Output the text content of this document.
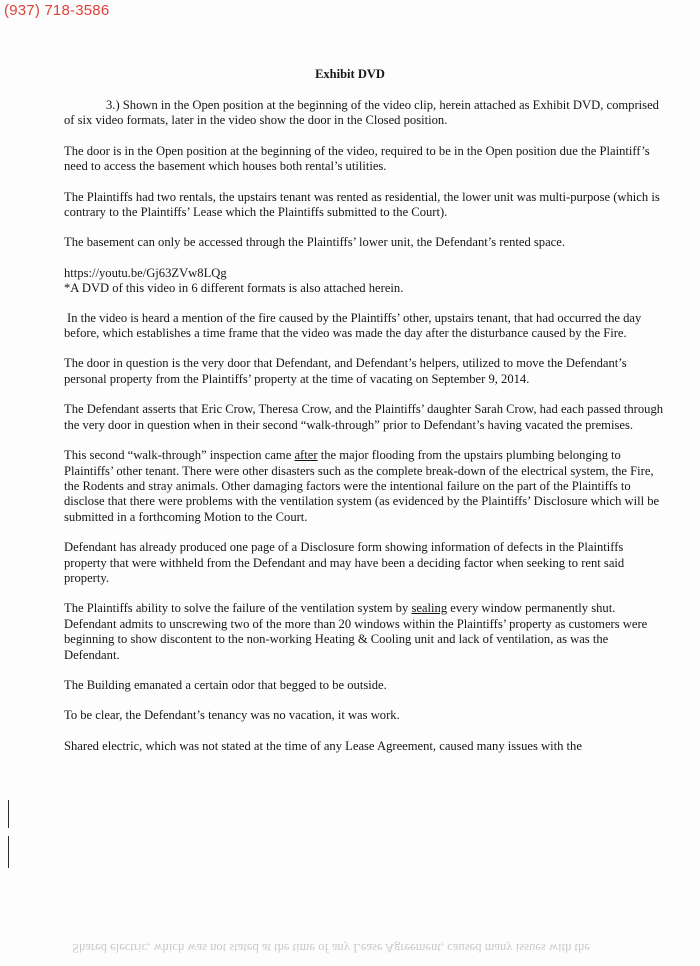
(937) 718-3586
Exhibit DVD

3.) Shown in the Open position at the beginning of the video clip, herein attached as Exhibit DVD, comprised of six video formats, later in the video show the door in the Closed position.

The door is in the Open position at the beginning of the video, required to be in the Open position due the Plaintiff’s need to access the basement which houses both rental’s utilities.

The Plaintiffs had two rentals, the upstairs tenant was rented as residential, the lower unit was multi-purpose (which is contrary to the Plaintiffs’ Lease which the Plaintiffs submitted to the Court).

The basement can only be accessed through the Plaintiffs’ lower unit, the Defendant’s rented space.

https://youtu.be/Gj63ZVw8LQg
*A DVD of this video in 6 different formats is also attached herein.

In the video is heard a mention of the fire caused by the Plaintiffs’ other, upstairs tenant, that had occurred the day before, which establishes a time frame that the video was made the day after the disturbance caused by the Fire.

The door in question is the very door that Defendant, and Defendant’s helpers, utilized to move the Defendant’s personal property from the Plaintiffs’ property at the time of vacating on September 9, 2014.

The Defendant asserts that Eric Crow, Theresa Crow, and the Plaintiffs’ daughter Sarah Crow, had each passed through the very door in question when in their second “walk-through” prior to Defendant’s having vacated the premises.

This second “walk-through” inspection came after the major flooding from the upstairs plumbing belonging to Plaintiffs’ other tenant. There were other disasters such as the complete break-down of the electrical system, the Fire, the Rodents and stray animals. Other damaging factors were the intentional failure on the part of the Plaintiffs to disclose that there were problems with the ventilation system (as evidenced by the Plaintiffs’ Disclosure which will be submitted in a forthcoming Motion to the Court.

Defendant has already produced one page of a Disclosure form showing information of defects in the Plaintiffs property that were withheld from the Defendant and may have been a deciding factor when seeking to rent said property.

The Plaintiffs ability to solve the failure of the ventilation system by sealing every window permanently shut. Defendant admits to unscrewing two of the more than 20 windows within the Plaintiffs’ property as customers were beginning to show discontent to the non-working Heating & Cooling unit and lack of ventilation, as was the Defendant.

The Building emanated a certain odor that begged to be outside.

To be clear, the Defendant’s tenancy was no vacation, it was work.

Shared electric, which was not stated at the time of any Lease Agreement, caused many issues with the

Shared electric, which was not stated at the time of any Lease Agreement, caused many issues with the
